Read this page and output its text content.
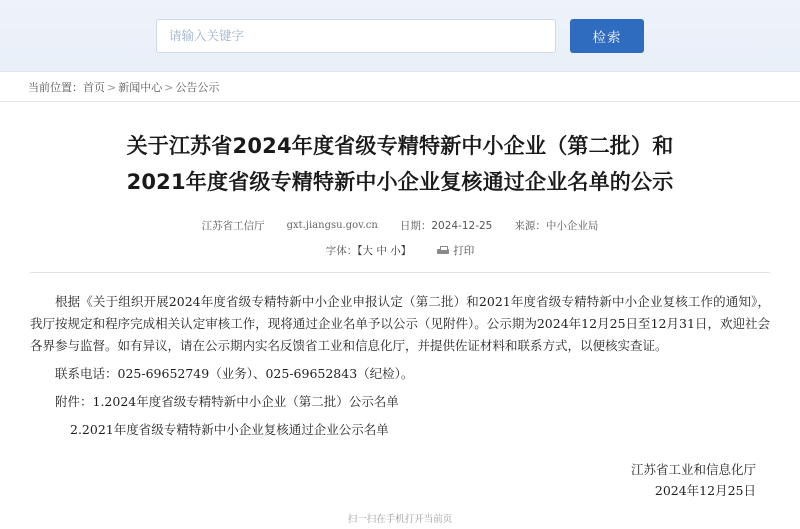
请输入关键字
检索
当前位置：首页 > 新闻中心 > 公告公示
关于江苏省2024年度省级专精特新中小企业（第二批）和
2021年度省级专精特新中小企业复核通过企业名单的公示
江苏省工信厅 gxt.jiangsu.gov.cn 日期：2024-12-25 来源：中小企业局
字体：【大 中 小】	打印

根据《关于组织开展2024年度省级专精特新中小企业申报认定（第二批）和2021年度省级专精特新中小企业复核工作的通知》，我厅按规定和程序完成相关认定审核工作，现将通过企业名单予以公示（见附件）。公示期为2024年12月25日至12月31日，欢迎社会各界参与监督。如有异议，请在公示期内实名反馈省工业和信息化厅，并提供佐证材料和联系方式，以便核实查证。

联系电话：025-69652749（业务）、025-69652843（纪检）。

附件：1.2024年度省级专精特新中小企业（第二批）公示名单

2.2021年度省级专精特新中小企业复核通过企业公示名单

江苏省工业和信息化厅
2024年12月25日
扫一扫在手机打开当前页
